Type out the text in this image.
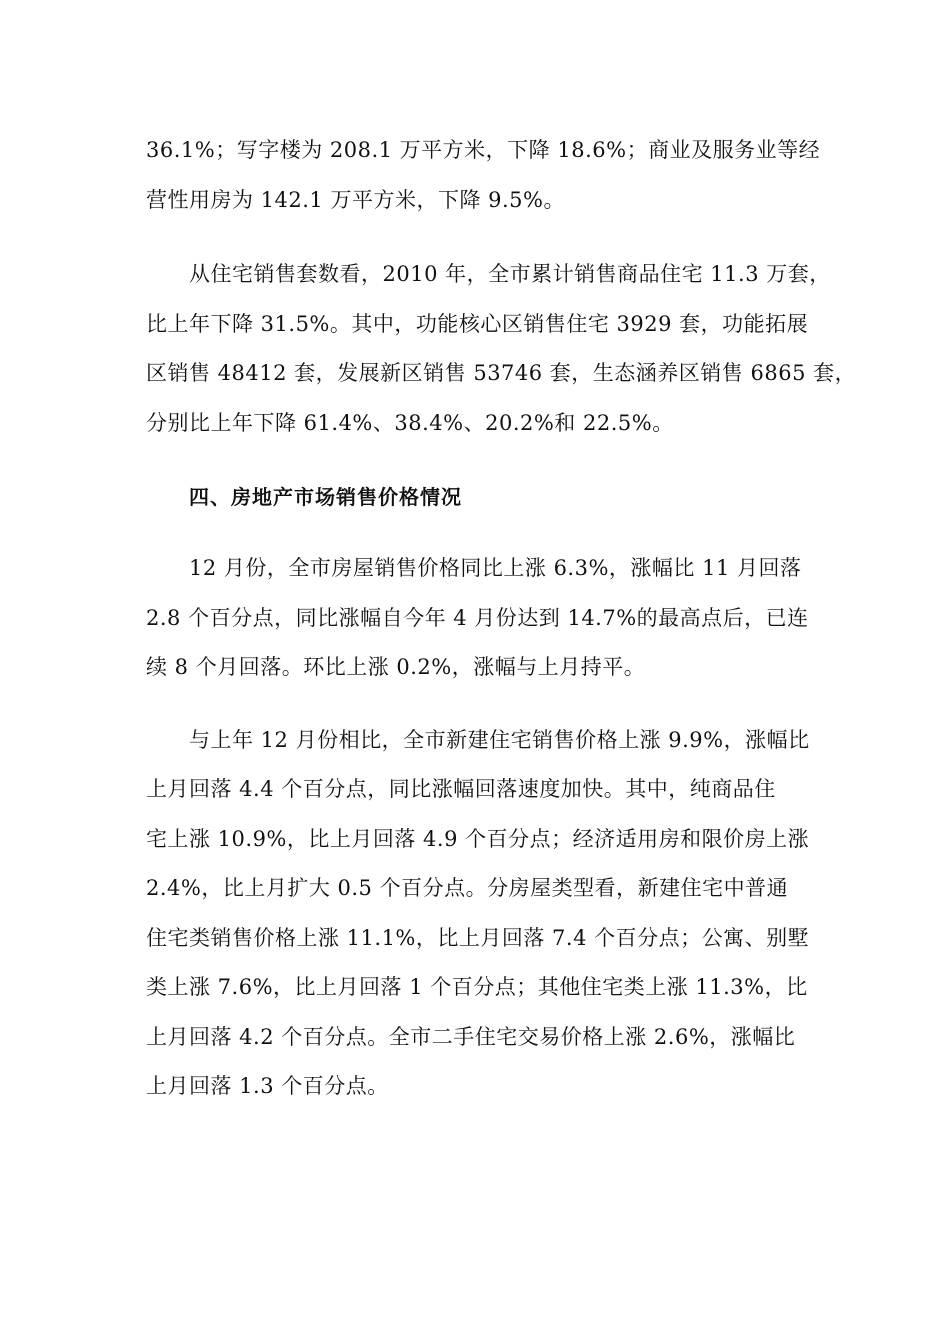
36.1%；写字楼为 208.1 万平方米，下降 18.6%；商业及服务业等经
营性用房为 142.1 万平方米，下降 9.5%。
从住宅销售套数看，2010 年，全市累计销售商品住宅 11.3 万套，
比上年下降 31.5%。其中，功能核心区销售住宅 3929 套，功能拓展
区销售 48412 套，发展新区销售 53746 套，生态涵养区销售 6865 套，
分别比上年下降 61.4%、38.4%、20.2%和 22.5%。
四、房地产市场销售价格情况
12 月份，全市房屋销售价格同比上涨 6.3%，涨幅比 11 月回落
2.8 个百分点，同比涨幅自今年 4 月份达到 14.7%的最高点后，已连
续 8 个月回落。环比上涨 0.2%，涨幅与上月持平。
与上年 12 月份相比，全市新建住宅销售价格上涨 9.9%，涨幅比
上月回落 4.4 个百分点，同比涨幅回落速度加快。其中，纯商品住
宅上涨 10.9%，比上月回落 4.9 个百分点；经济适用房和限价房上涨
2.4%，比上月扩大 0.5 个百分点。分房屋类型看，新建住宅中普通
住宅类销售价格上涨 11.1%，比上月回落 7.4 个百分点；公寓、别墅
类上涨 7.6%，比上月回落 1 个百分点；其他住宅类上涨 11.3%，比
上月回落 4.2 个百分点。全市二手住宅交易价格上涨 2.6%，涨幅比
上月回落 1.3 个百分点。
